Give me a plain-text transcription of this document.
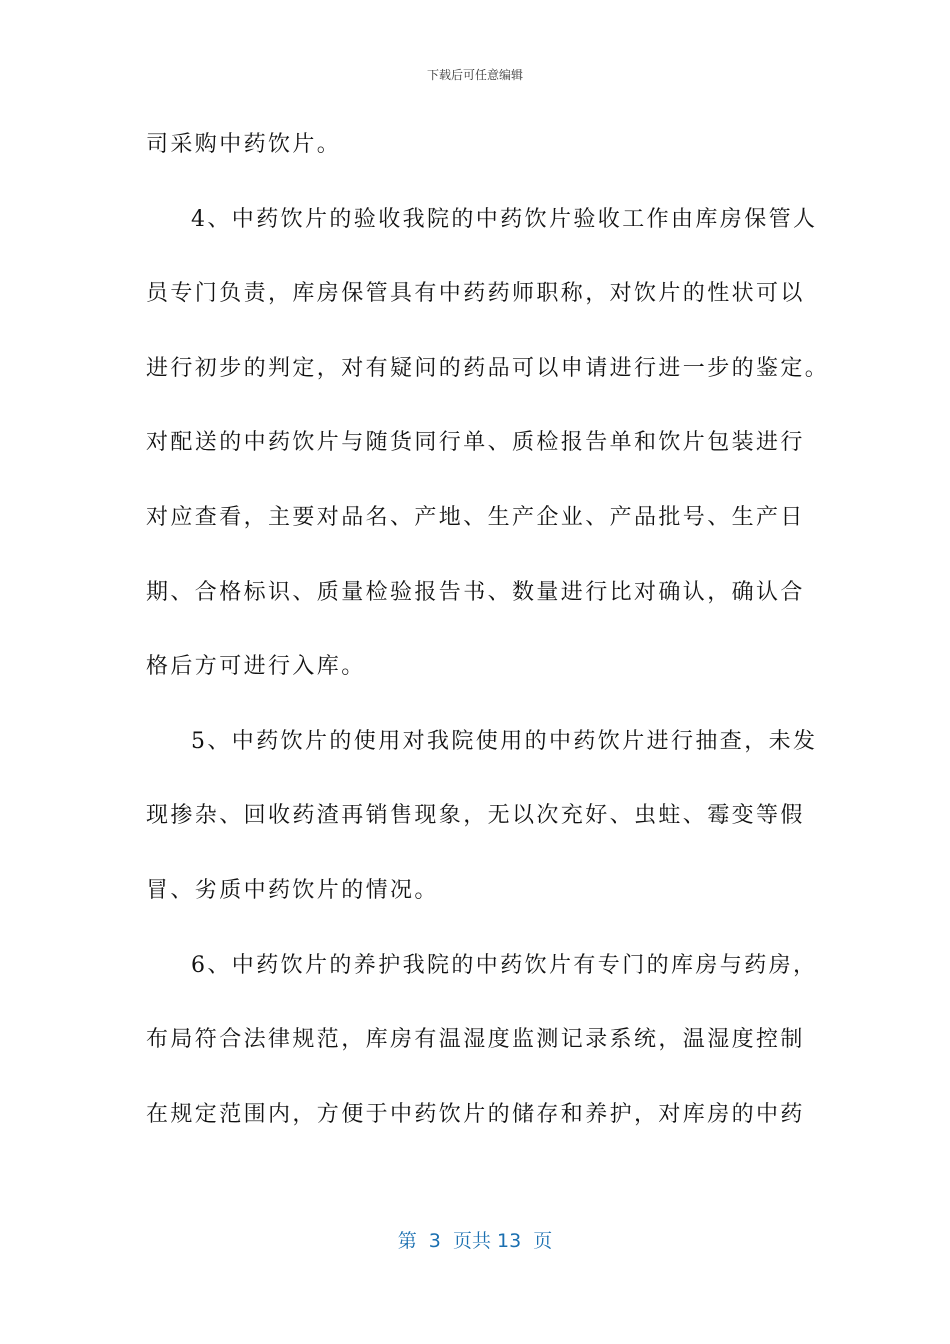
下载后可任意编辑
司采购中药饮片。
4、中药饮片的验收我院的中药饮片验收工作由库房保管人
员专门负责，库房保管具有中药药师职称，对饮片的性状可以
进行初步的判定，对有疑问的药品可以申请进行进一步的鉴定。
对配送的中药饮片与随货同行单、质检报告单和饮片包装进行
对应查看，主要对品名、产地、生产企业、产品批号、生产日
期、合格标识、质量检验报告书、数量进行比对确认，确认合
格后方可进行入库。
5、中药饮片的使用对我院使用的中药饮片进行抽查，未发
现掺杂、回收药渣再销售现象，无以次充好、虫蛀、霉变等假
冒、劣质中药饮片的情况。
6、中药饮片的养护我院的中药饮片有专门的库房与药房，
布局符合法律规范，库房有温湿度监测记录系统，温湿度控制
在规定范围内，方便于中药饮片的储存和养护，对库房的中药
第  3  页共 13  页
